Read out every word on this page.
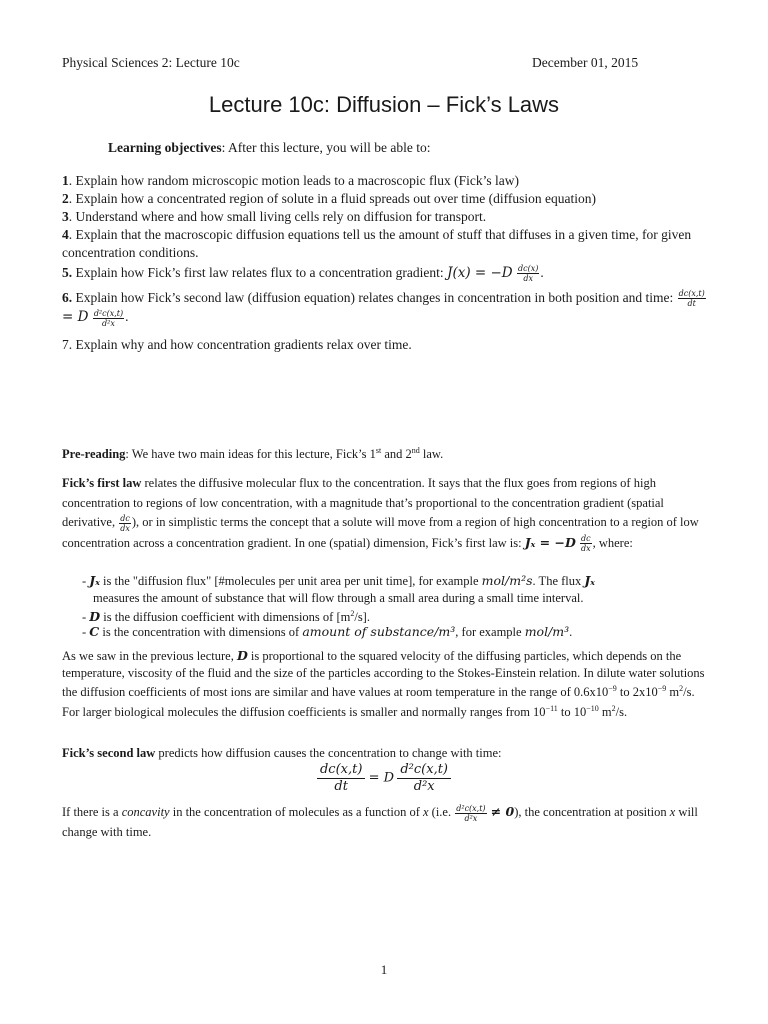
Physical Sciences 2: Lecture 10c	December 01, 2015
Lecture 10c: Diffusion – Fick’s Laws
Learning objectives: After this lecture, you will be able to:
1. Explain how random microscopic motion leads to a macroscopic flux (Fick’s law)
2. Explain how a concentrated region of solute in a fluid spreads out over time (diffusion equation)
3. Understand where and how small living cells rely on diffusion for transport.
4. Explain that the macroscopic diffusion equations tell us the amount of stuff that diffuses in a given time, for given concentration conditions.
5. Explain how Fick’s first law relates flux to a concentration gradient: $J(x) = -D \frac{dc(x)}{dx}$ .
6. Explain how Fick’s second law (diffusion equation) relates changes in concentration in both position and time: $\frac{dc(x,t)}{dt}$
= D $\frac{\text{d²c(x,t)}}{\text{d²x}}$ .
7. Explain why and how concentration gradients relax over time.
Pre-reading: We have two main ideas for this lecture, Fick’s 1st and 2nd law.
Fick’s first law relates the diffusive molecular flux to the concentration. It says that the flux goes from regions of high concentration to regions of low concentration, with a magnitude that’s proportional to the concentration gradient (spatial derivative, $\frac{dc}{dx}$ ), or in simplistic terms the concept that a solute will move from a region of high concentration to a region of low concentration across a concentration gradient. In one (spatial) dimension, Fick’s first law is: $J_x = -D \frac{dc}{dx}$ , where:
- Jₓ is the "diffusion flux" [#molecules per unit area per unit time], for example mol/m²s. The flux Jₓ
measures the amount of substance that will flow through a small area during a small time interval.
- D is the diffusion coefficient with dimensions of $[m^2/s]$.
- C is the concentration with dimensions of amount of substance/m³, for example mol/m³.
As we saw in the previous lecture, D is proportional to the squared velocity of the diffusing particles, which depends on the temperature, viscosity of the fluid and the size of the particles according to the Stokes-Einstein relation. In dilute water solutions the diffusion coefficients of most ions are similar and have values at room temperature in the range of $0.6x10^{-9}$ to $2x10^{-9}$ $m^2/s$. For larger biological molecules the diffusion coefficients is smaller and normally ranges from $10^{-11}$ to $10^{-10}$ $m^2/s$.
Fick’s second law predicts how diffusion causes the concentration to change with time:
$\frac{dc(x,t)}{dt} = D \frac{\text{d²c(x,t)}}{\text{d²x}}$
If there is a concavity in the concentration of molecules as a function of x (i.e. $\frac{\text{d²c(x,t)}}{\text{d²x}} \ne 0$), the concentration at position x will change with time.
1
